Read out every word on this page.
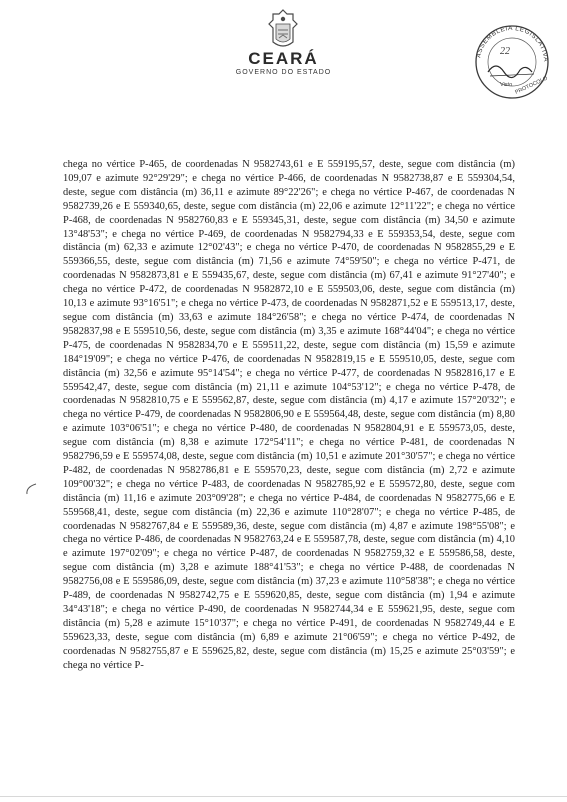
CEARÁ
GOVERNO DO ESTADO
ASSEMBLEIA LEGISLATIVA
22
Visto PROTOCOLO

chega no vértice P-465, de coordenadas N 9582743,61 e E 559195,57, deste, segue com distância (m) 109,07 e azimute 92°29'29"; e chega no vértice P-466, de coordenadas N 9582738,87 e E 559304,54, deste, segue com distância (m) 36,11 e azimute 89°22'26"; e chega no vértice P-467, de coordenadas N 9582739,26 e E 559340,65, deste, segue com distância (m) 22,06 e azimute 12°11'22"; e chega no vértice P-468, de coordenadas N 9582760,83 e E 559345,31, deste, segue com distância (m) 34,50 e azimute 13°48'53"; e chega no vértice P-469, de coordenadas N 9582794,33 e E 559353,54, deste, segue com distância (m) 62,33 e azimute 12°02'43"; e chega no vértice P-470, de coordenadas N 9582855,29 e E 559366,55, deste, segue com distância (m) 71,56 e azimute 74°59'50"; e chega no vértice P-471, de coordenadas N 9582873,81 e E 559435,67, deste, segue com distância (m) 67,41 e azimute 91°27'40"; e chega no vértice P-472, de coordenadas N 9582872,10 e E 559503,06, deste, segue com distância (m) 10,13 e azimute 93°16'51"; e chega no vértice P-473, de coordenadas N 9582871,52 e E 559513,17, deste, segue com distância (m) 33,63 e azimute 184°26'58"; e chega no vértice P-474, de coordenadas N 9582837,98 e E 559510,56, deste, segue com distância (m) 3,35 e azimute 168°44'04"; e chega no vértice P-475, de coordenadas N 9582834,70 e E 559511,22, deste, segue com distância (m) 15,59 e azimute 184°19'09"; e chega no vértice P-476, de coordenadas N 9582819,15 e E 559510,05, deste, segue com distância (m) 32,56 e azimute 95°14'54"; e chega no vértice P-477, de coordenadas N 9582816,17 e E 559542,47, deste, segue com distância (m) 21,11 e azimute 104°53'12"; e chega no vértice P-478, de coordenadas N 9582810,75 e E 559562,87, deste, segue com distância (m) 4,17 e azimute 157°20'32"; e chega no vértice P-479, de coordenadas N 9582806,90 e E 559564,48, deste, segue com distância (m) 8,80 e azimute 103°06'51"; e chega no vértice P-480, de coordenadas N 9582804,91 e E 559573,05, deste, segue com distância (m) 8,38 e azimute 172°54'11"; e chega no vértice P-481, de coordenadas N 9582796,59 e E 559574,08, deste, segue com distância (m) 10,51 e azimute 201°30'57"; e chega no vértice P-482, de coordenadas N 9582786,81 e E 559570,23, deste, segue com distância (m) 2,72 e azimute 109°00'32"; e chega no vértice P-483, de coordenadas N 9582785,92 e E 559572,80, deste, segue com distância (m) 11,16 e azimute 203°09'28"; e chega no vértice P-484, de coordenadas N 9582775,66 e E 559568,41, deste, segue com distância (m) 22,36 e azimute 110°28'07"; e chega no vértice P-485, de coordenadas N 9582767,84 e E 559589,36, deste, segue com distância (m) 4,87 e azimute 198°55'08"; e chega no vértice P-486, de coordenadas N 9582763,24 e E 559587,78, deste, segue com distância (m) 4,10 e azimute 197°02'09"; e chega no vértice P-487, de coordenadas N 9582759,32 e E 559586,58, deste, segue com distância (m) 3,28 e azimute 188°41'53"; e chega no vértice P-488, de coordenadas N 9582756,08 e E 559586,09, deste, segue com distância (m) 37,23 e azimute 110°58'38"; e chega no vértice P-489, de coordenadas N 9582742,75 e E 559620,85, deste, segue com distância (m) 1,94 e azimute 34°43'18"; e chega no vértice P-490, de coordenadas N 9582744,34 e E 559621,95, deste, segue com distância (m) 5,28 e azimute 15°10'37"; e chega no vértice P-491, de coordenadas N 9582749,44 e E 559623,33, deste, segue com distância (m) 6,89 e azimute 21°06'59"; e chega no vértice P-492, de coordenadas N 9582755,87 e E 559625,82, deste, segue com distância (m) 15,25 e azimute 25°03'59"; e chega no vértice P-
